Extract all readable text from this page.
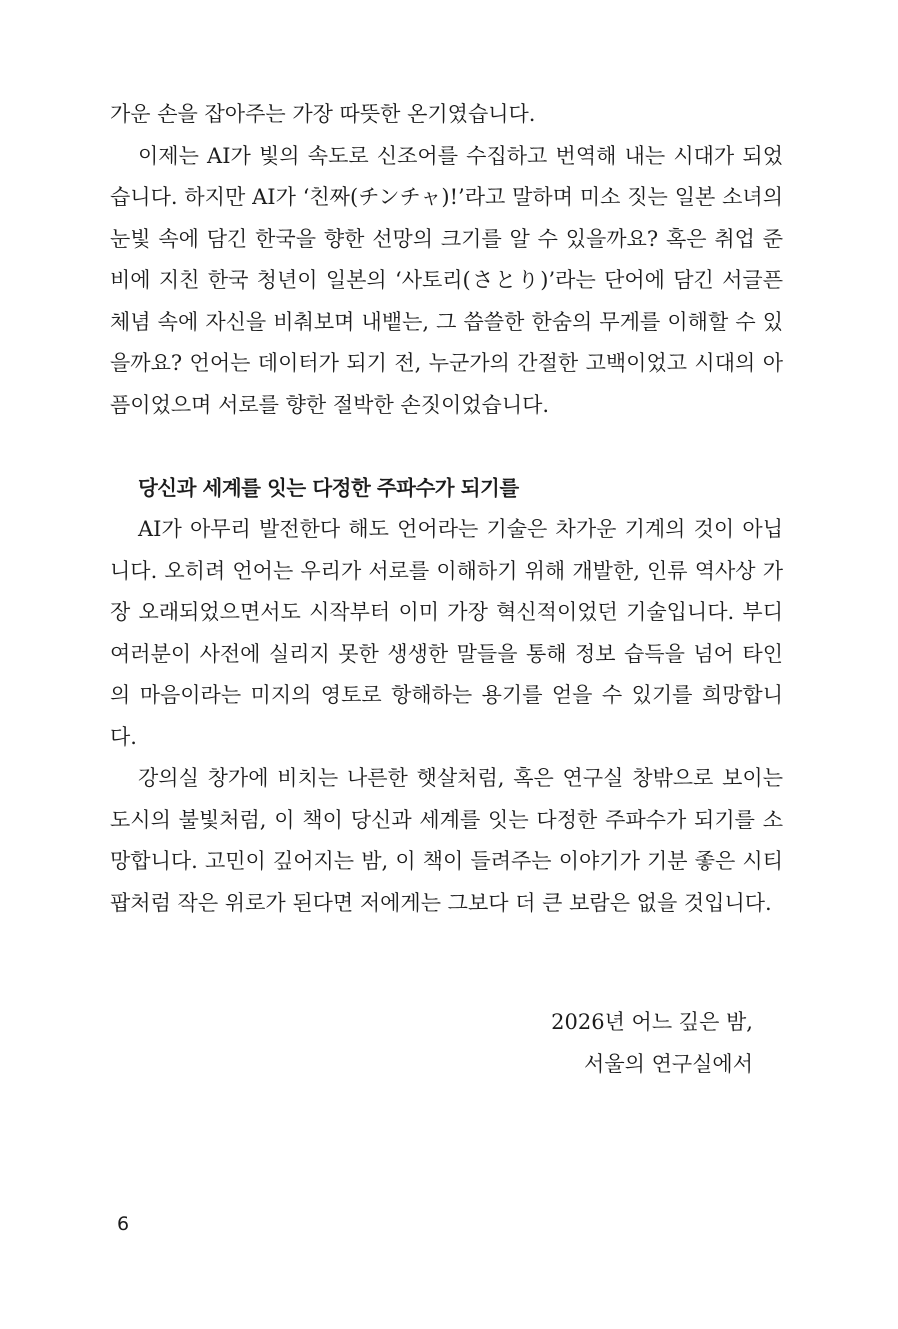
가운 손을 잡아주는 가장 따뜻한 온기였습니다.

이제는 AI가 빛의 속도로 신조어를 수집하고 번역해 내는 시대가 되었습니다. 하지만 AI가 ‘친짜(チンチャ)!’라고 말하며 미소 짓는 일본 소녀의 눈빛 속에 담긴 한국을 향한 선망의 크기를 알 수 있을까요? 혹은 취업 준비에 지친 한국 청년이 일본의 ‘사토리(さとり)’라는 단어에 담긴 서글픈 체념 속에 자신을 비춰보며 내뱉는, 그 씁쓸한 한숨의 무게를 이해할 수 있을까요? 언어는 데이터가 되기 전, 누군가의 간절한 고백이었고 시대의 아픔이었으며 서로를 향한 절박한 손짓이었습니다.

당신과 세계를 잇는 다정한 주파수가 되기를

AI가 아무리 발전한다 해도 언어라는 기술은 차가운 기계의 것이 아닙니다. 오히려 언어는 우리가 서로를 이해하기 위해 개발한, 인류 역사상 가장 오래되었으면서도 시작부터 이미 가장 혁신적이었던 기술입니다. 부디 여러분이 사전에 실리지 못한 생생한 말들을 통해 정보 습득을 넘어 타인의 마음이라는 미지의 영토로 항해하는 용기를 얻을 수 있기를 희망합니다.

강의실 창가에 비치는 나른한 햇살처럼, 혹은 연구실 창밖으로 보이는 도시의 불빛처럼, 이 책이 당신과 세계를 잇는 다정한 주파수가 되기를 소망합니다. 고민이 깊어지는 밤, 이 책이 들려주는 이야기가 기분 좋은 시티팝처럼 작은 위로가 된다면 저에게는 그보다 더 큰 보람은 없을 것입니다.

2026년 어느 깊은 밤,
서울의 연구실에서
6
